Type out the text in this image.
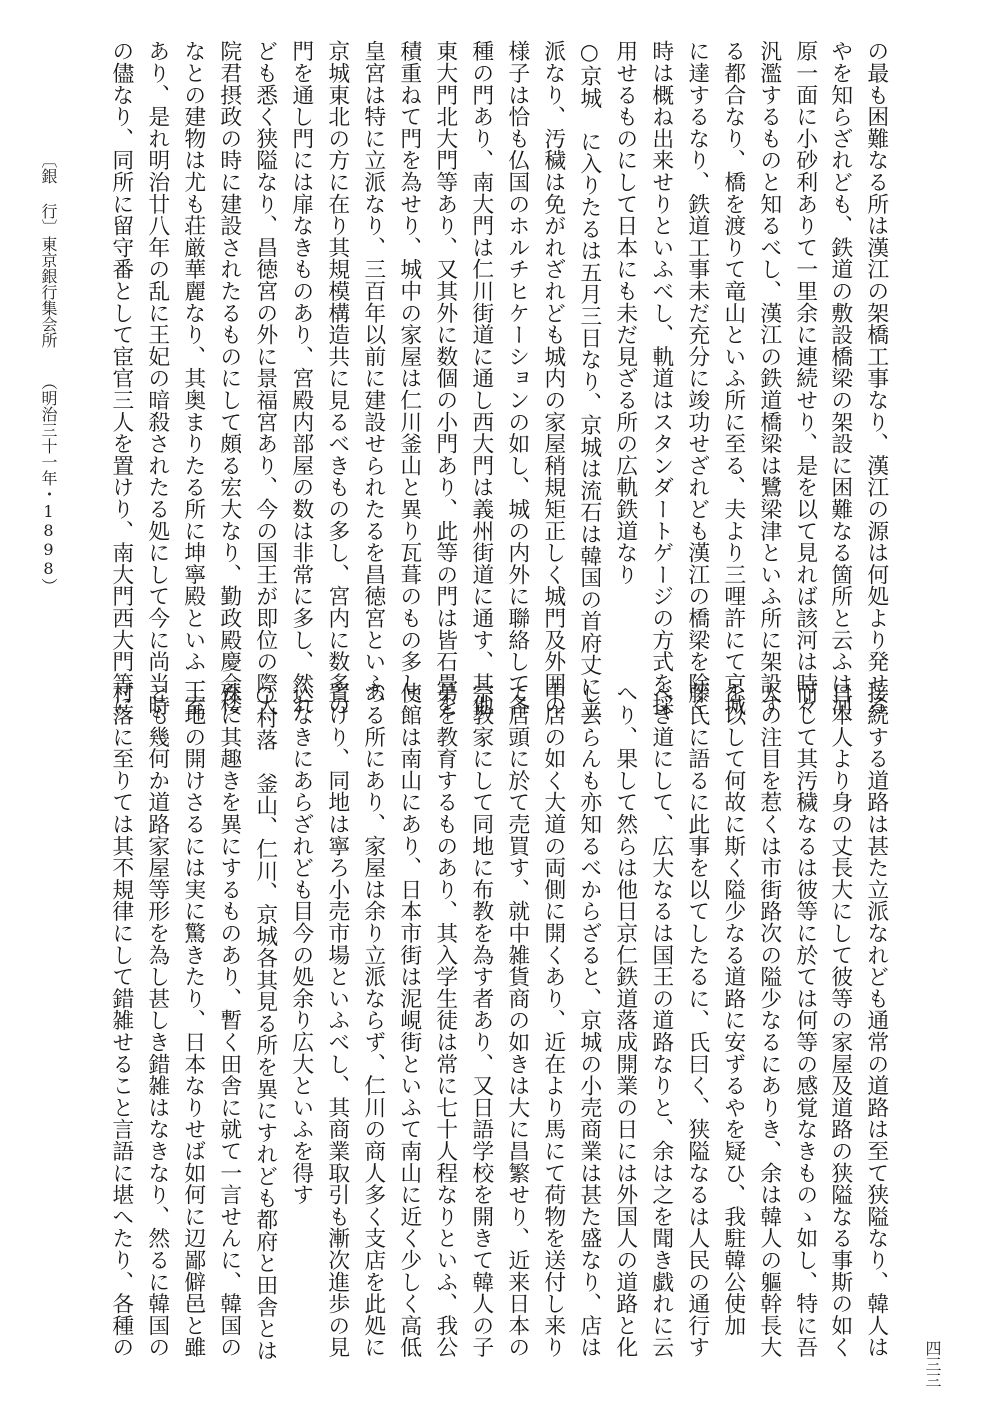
の最も困難なる所は漢江の架橋工事なり、漢江の源は何処より発せる
やを知らざれども、鉄道の敷設橋梁の架設に困難なる箇所と云ふは河
原一面に小砂利ありて一里余に連続せり、是を以て見れば該河は時々
汎濫するものと知るべし、漢江の鉄道橋梁は鷺梁津といふ所に架設す
る都合なり、橋を渡りて竜山といふ所に至る、夫より三哩許にて京城
に達するなり、鉄道工事未だ充分に竣功せざれども漢江の橋梁を除く
時は概ね出来せりといふべし、軌道はスタンダートゲージの方式を採
用せるものにして日本にも未だ見ざる所の広軌鉄道なり
○京城　に入りたるは五月三日なり、京城は流石は韓国の首府丈に立
派なり、汚穢は免がれざれども城内の家屋稍規矩正しく城門及外囲の
様子は恰も仏国のホルチヒケーションの如し、城の内外に聯絡して各
種の門あり、南大門は仁川街道に通し西大門は義州街道に通す、其他
東大門北大門等あり、又其外に数個の小門あり、此等の門は皆石畳を
積重ねて門を為せり、城中の家屋は仁川釜山と異り瓦葺のもの多し、
皇宮は特に立派なり、三百年以前に建設せられたるを昌徳宮といふ、
京城東北の方に在り其規模構造共に見るべきもの多し、宮内に数多の
門を通し門には扉なきものあり、宮殿内部屋の数は非常に多し、然れ
ども悉く狭隘なり、昌徳宮の外に景福宮あり、今の国王が即位の際大
院君摂政の時に建設されたるものにして頗る宏大なり、勤政殿慶会楼
なとの建物は尤も荘厳華麗なり、其奥まりたる所に坤寧殿といふ一室
あり、是れ明治廿八年の乱に王妃の暗殺されたる処にして今に尚当時
の儘なり、同所に留守番として宦官三人を置けり、南大門西大門等に
接続する道路は甚た立派なれども通常の道路は至て狭隘なり、韓人は
日本人より身の丈長大にして彼等の家屋及道路の狭隘なる事斯の如く
而して其汚穢なるは彼等に於ては何等の感覚なきものゝ如し、特に吾
人の注目を惹くは市街路次の隘少なるにありき、余は韓人の軀幹長大
を以して何故に斯く隘少なる道路に安ずるやを疑ひ、我駐韓公使加
藤氏に語るに此事を以てしたるに、氏曰く、狭隘なるは人民の通行す
べき道にして、広大なるは国王の道路なりと、余は之を聞き戯れに云
へり、果して然らは他日京仁鉄道落成開業の日には外国人の道路と化
し去らんも亦知るべからざると、京城の小売商業は甚た盛なり、店は
中店の如く大道の両側に開くあり、近在より馬にて荷物を送付し来り
て店頭に於て売買す、就中雑貨商の如きは大に昌繁せり、近来日本の
宗教家にして同地に布教を為す者あり、又日語学校を開きて韓人の子
弟を教育するものあり、其入学生徒は常に七十人程なりといふ、我公
使館は南山にあり、日本市街は泥峴街といふて南山に近く少しく高低
ある所にあり、家屋は余り立派ならず、仁川の商人多く支店を此処に
置けり、同地は寧ろ小売市場といふべし、其商業取引も漸次進歩の見
込なきにあらざれども目今の処余り広大といふを得す
○村落　釜山、仁川、京城各其見る所を異にすれども都府と田舎とは
殊に其趣きを異にするものあり、暫く田舎に就て一言せんに、韓国の
土地の開けさるには実に驚きたり、日本なりせば如何に辺鄙僻邑と雖
とも幾何か道路家屋等形を為し甚しき錯雑はなきなり、然るに韓国の
村落に至りては其不規律にして錯雑せること言語に堪へたり、各種の
〔銀 行〕
東京銀行集会所
（明治三十一年・1898）
四三三
